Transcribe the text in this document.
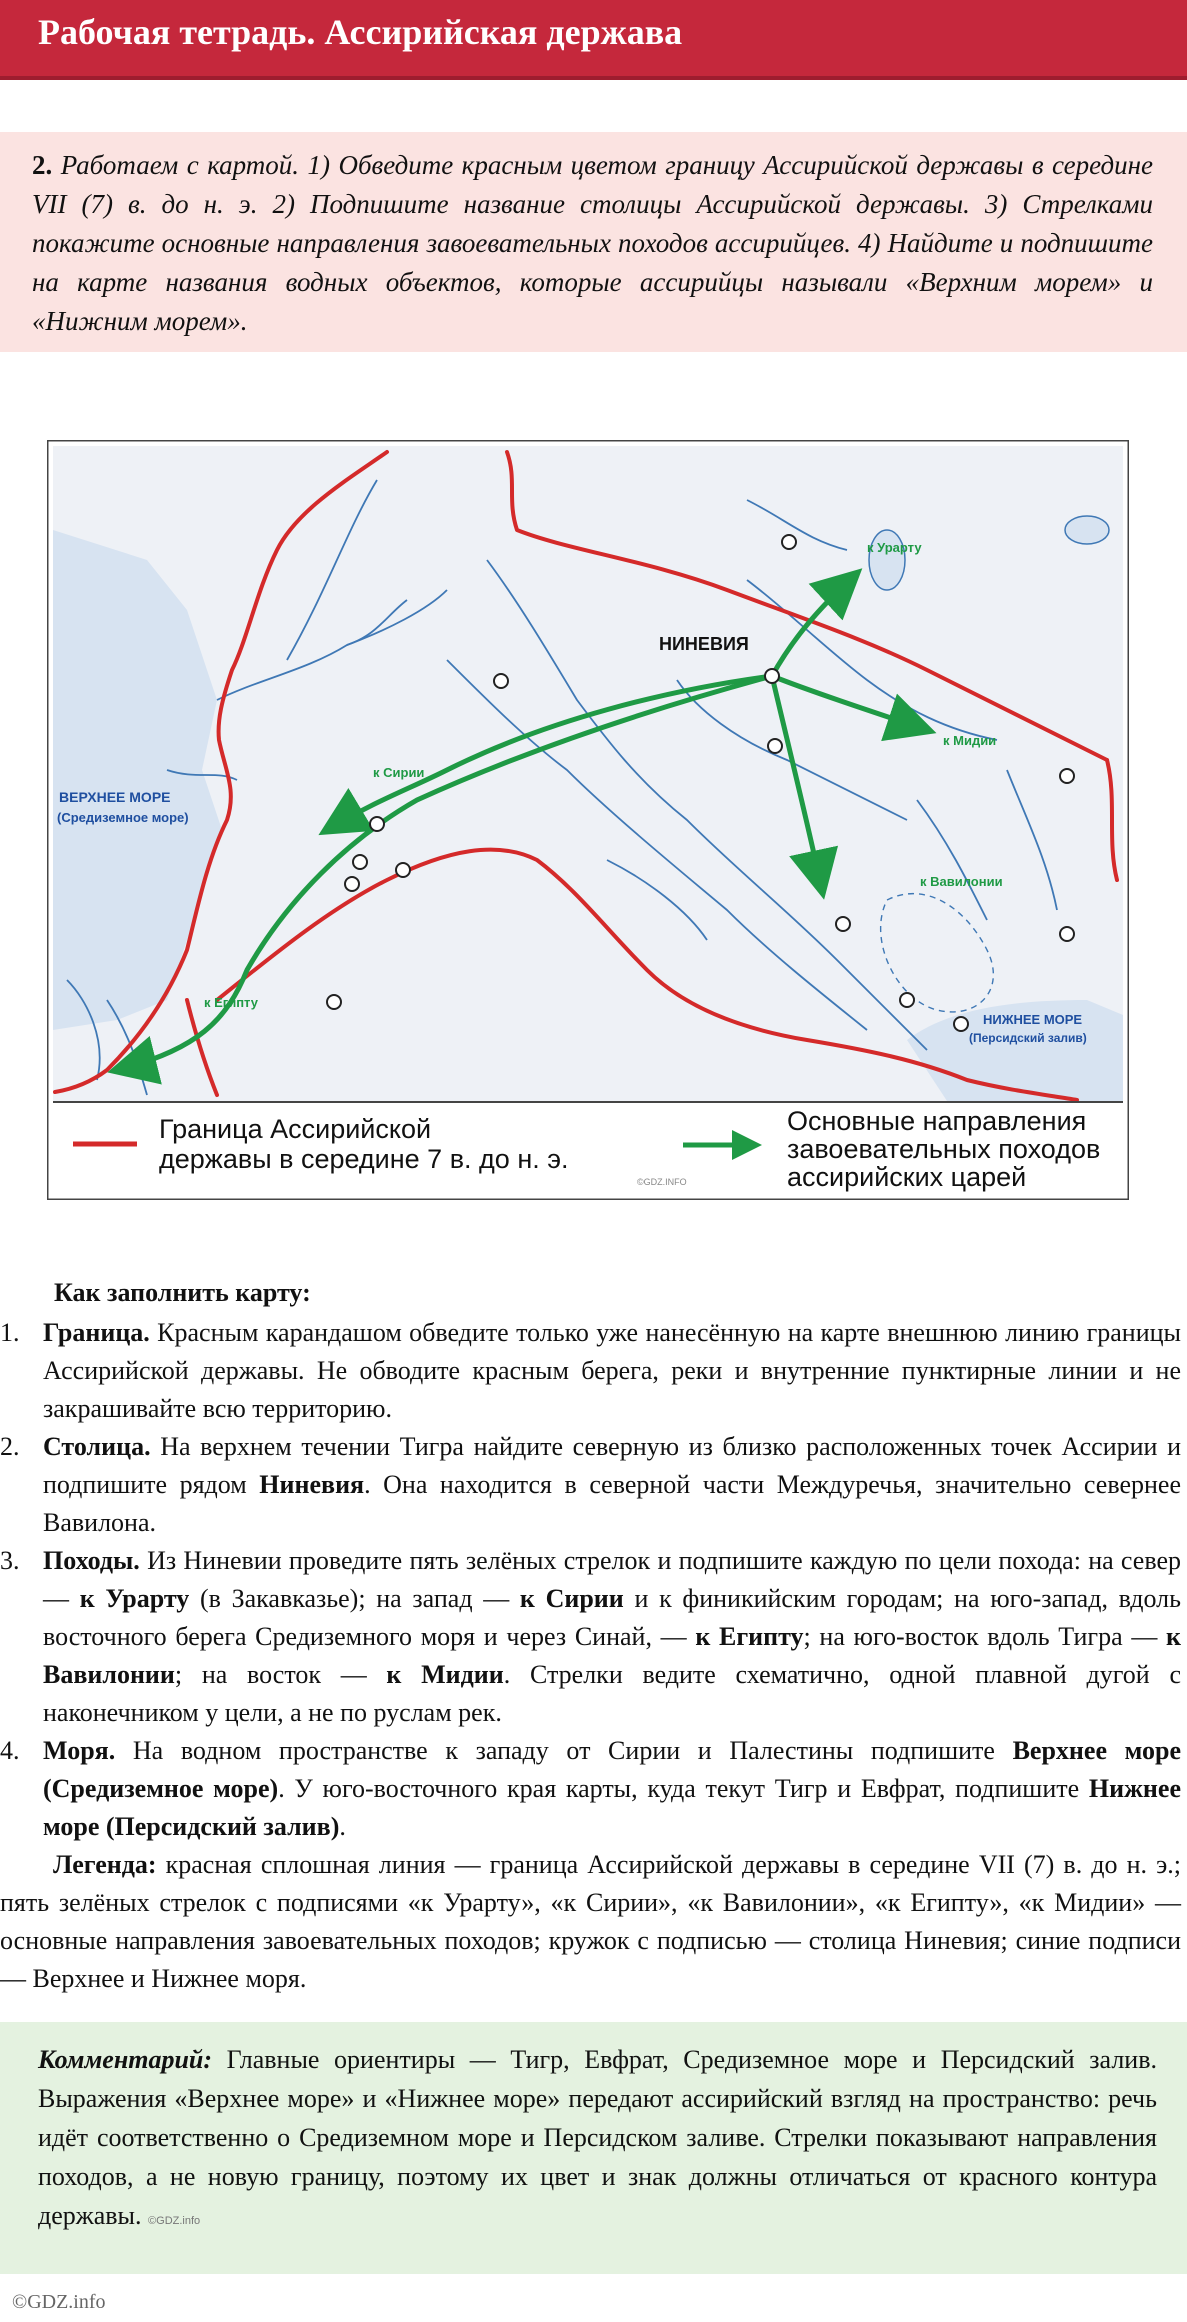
Рабочая тетрадь. Ассирийская держава
2. Работаем с картой. 1) Обведите красным цветом границу Ассирийской державы в середине VII (7) в. до н. э. 2) Подпишите название столицы Ассирийской державы. 3) Стрелками покажите основные направления завоевательных походов ассирийцев. 4) Найдите и подпишите на карте названия водных объектов, которые ассирийцы называли «Верхним морем» и «Нижним морем».
НИНЕВИЯ
к Урарту
к Сирии
к Мидии
к Вавилонии
к Египту
ВЕРХНЕЕ МОРЕ
(Средиземное море)
НИЖНЕЕ МОРЕ
(Персидский залив)
©GDZ.INFO
Граница Ассирийской
державы в середине 7 в. до н. э.
Основные направления
завоевательных походов
ассирийских царей
Как заполнить карту:
1. Граница. Красным карандашом обведите только уже нанесённую на карте внешнюю линию границы Ассирийской державы. Не обводите красным берега, реки и внутренние пунктирные линии и не закрашивайте всю территорию.
2. Столица. На верхнем течении Тигра найдите северную из близко расположенных точек Ассирии и подпишите рядом Ниневия. Она находится в северной части Междуречья, значительно севернее Вавилона.
3. Походы. Из Ниневии проведите пять зелёных стрелок и подпишите каждую по цели похода: на север — к Урарту (в Закавказье); на запад — к Сирии и к финикийским городам; на юго-запад, вдоль восточного берега Средиземного моря и через Синай, — к Египту; на юго-восток вдоль Тигра — к Вавилонии; на восток — к Мидии. Стрелки ведите схематично, одной плавной дугой с наконечником у цели, а не по руслам рек.
4. Моря. На водном пространстве к западу от Сирии и Палестины подпишите Верхнее море (Средиземное море). У юго-восточного края карты, куда текут Тигр и Евфрат, подпишите Нижнее море (Персидский залив).
Легенда: красная сплошная линия — граница Ассирийской державы в середине VII (7) в. до н. э.; пять зелёных стрелок с подписями «к Урарту», «к Сирии», «к Вавилонии», «к Египту», «к Мидии» — основные направления завоевательных походов; кружок с подписью — столица Ниневия; синие подписи — Верхнее и Нижнее моря.
Комментарий: Главные ориентиры — Тигр, Евфрат, Средиземное море и Персидский залив. Выражения «Верхнее море» и «Нижнее море» передают ассирийский взгляд на пространство: речь идёт соответственно о Средиземном море и Персидском заливе. Стрелки показывают направления походов, а не новую границу, поэтому их цвет и знак должны отличаться от красного контура державы. ©GDZ.info
©GDZ.info
